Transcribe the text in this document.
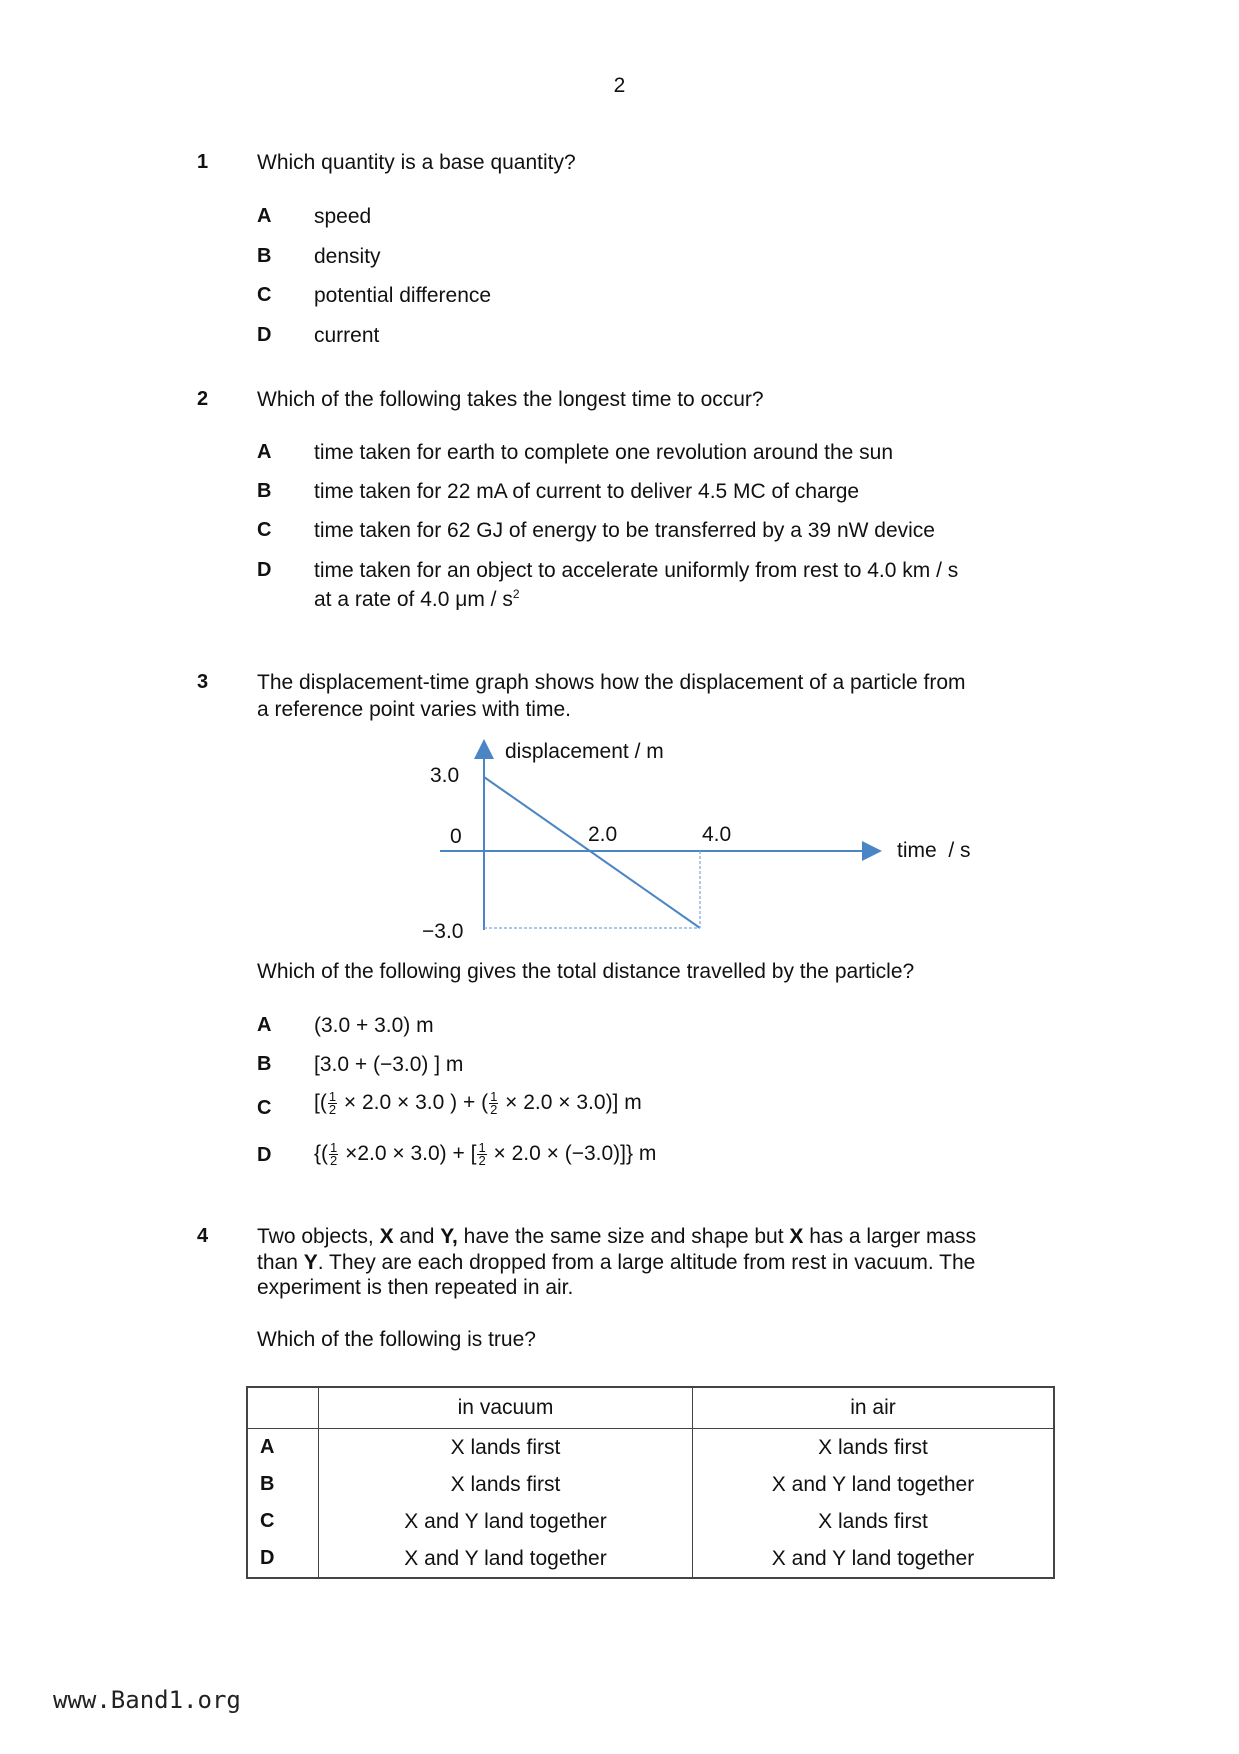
2
1 Which quantity is a base quantity?
A speed
B density
C potential difference
D current
2 Which of the following takes the longest time to occur?
A time taken for earth to complete one revolution around the sun
B time taken for 22 mA of current to deliver 4.5 MC of charge
C time taken for 62 GJ of energy to be transferred by a 39 nW device
D time taken for an object to accelerate uniformly from rest to 4.0 km / s
at a rate of 4.0 μm / $s^2$
3 The displacement-time graph shows how the displacement of a particle from
a reference point varies with time.
displacement / m
3.0
0
−3.0
2.0	4.0
time  / s
Which of the following gives the total distance travelled by the particle?
A (3.0 + 3.0) m
B [3.0 + (−3.0) ] m
C [( $\frac{1}{2} \times 2.0 \times 3.0$ ) + ( $\frac{1}{2} \times 2.0 \times 3.0$)] m
D {( $\frac{1}{2} \times 2.0 \times 3.0$) + [ $\frac{1}{2} \times 2.0 \times (-3.0)$]} m
4 Two objects, X and Y, have the same size and shape but X has a larger mass
than Y. They are each dropped from a large altitude from rest in vacuum. The
experiment is then repeated in air.
Which of the following is true?
	in vacuum	in air
A	X lands first	X lands first
B	X lands first	X and Y land together
C	X and Y land together	X lands first
D	X and Y land together	X and Y land together
www.Band1.org
